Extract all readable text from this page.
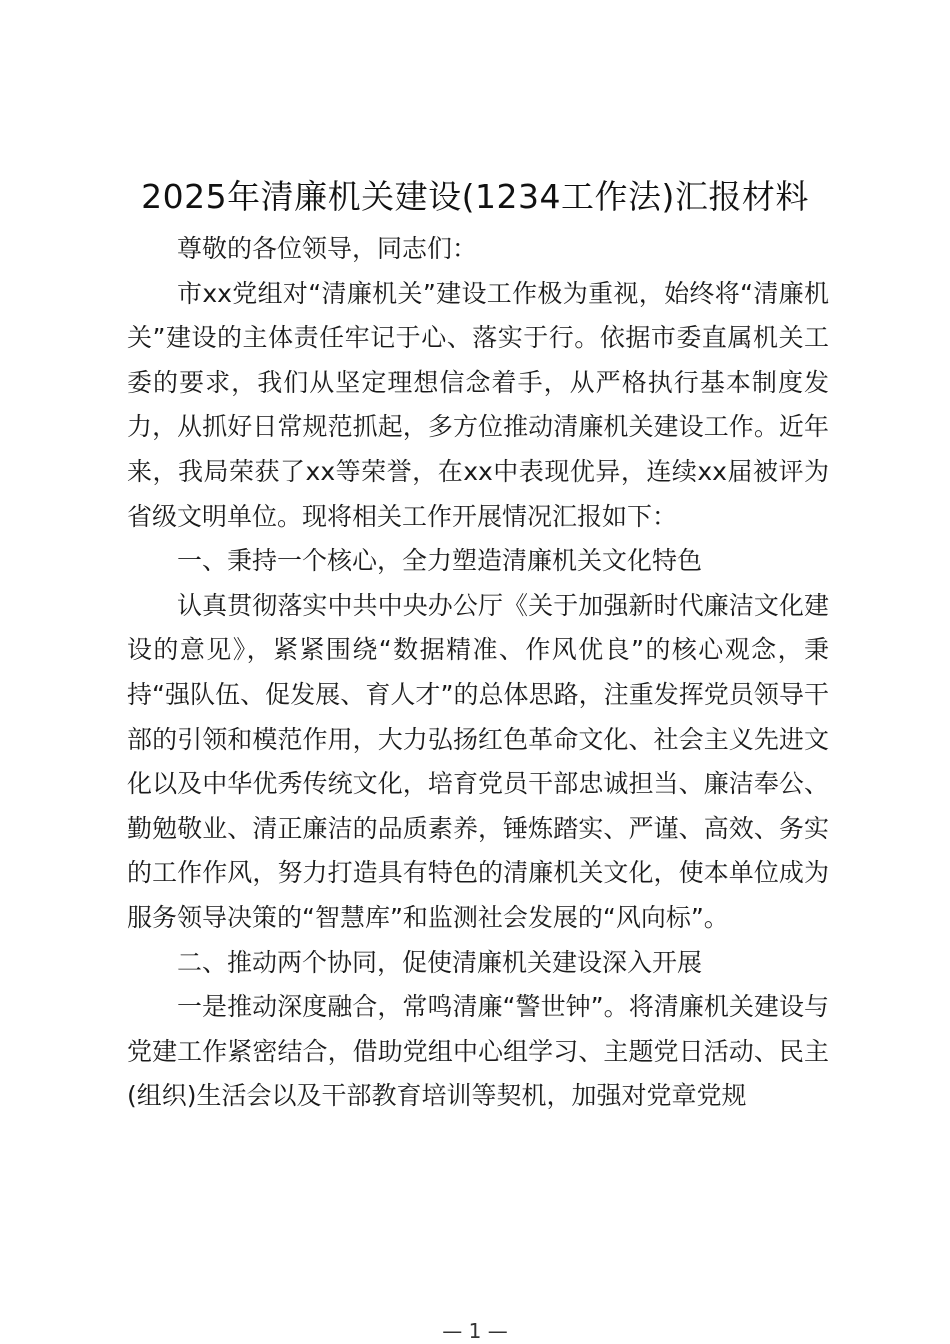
2025年清廉机关建设(1234工作法)汇报材料

尊敬的各位领导，同志们：

市xx党组对“清廉机关”建设工作极为重视，始终将“清廉机关”建设的主体责任牢记于心、落实于行。依据市委直属机关工委的要求，我们从坚定理想信念着手，从严格执行基本制度发力，从抓好日常规范抓起，多方位推动清廉机关建设工作。近年来，我局荣获了xx等荣誉，在xx中表现优异，连续xx届被评为省级文明单位。现将相关工作开展情况汇报如下：

一、秉持一个核心，全力塑造清廉机关文化特色

认真贯彻落实中共中央办公厅《关于加强新时代廉洁文化建设的意见》，紧紧围绕“数据精准、作风优良”的核心观念，秉持“强队伍、促发展、育人才”的总体思路，注重发挥党员领导干部的引领和模范作用，大力弘扬红色革命文化、社会主义先进文化以及中华优秀传统文化，培育党员干部忠诚担当、廉洁奉公、勤勉敬业、清正廉洁的品质素养，锤炼踏实、严谨、高效、务实的工作作风，努力打造具有特色的清廉机关文化，使本单位成为服务领导决策的“智慧库”和监测社会发展的“风向标”。

二、推动两个协同，促使清廉机关建设深入开展

一是推动深度融合，常鸣清廉“警世钟”。将清廉机关建设与党建工作紧密结合，借助党组中心组学习、主题党日活动、民主(组织)生活会以及干部教育培训等契机，加强对党章党规

— 1 —
